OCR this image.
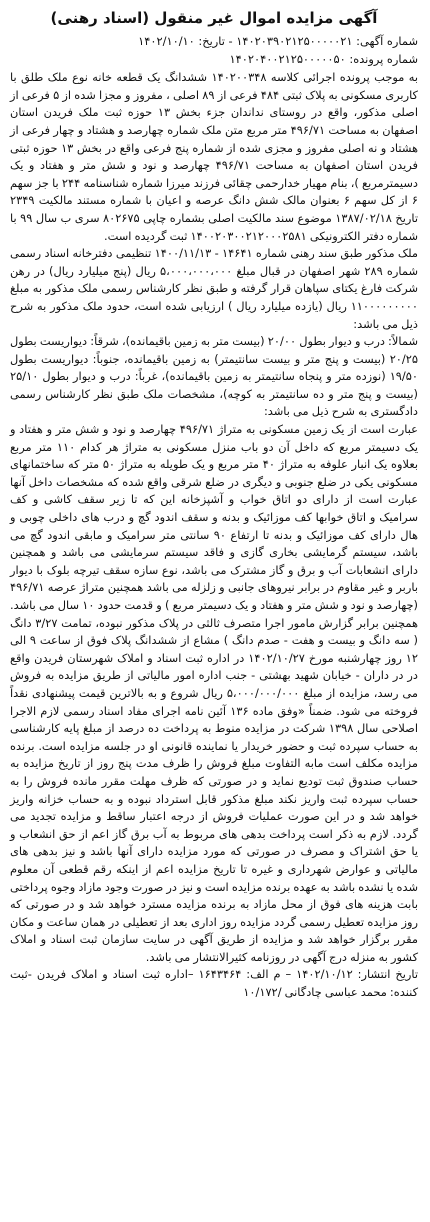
آگهی مزایده اموال غیر منقول (اسناد رهنی)
شماره آگهی: ۱۴۰۲۰۳۹۰۲۱۲۵۰۰۰۰۰۲۱ - تاریخ: ۱۴۰۲/۱۰/۱۰
شماره پرونده: ۱۴۰۲۰۴۰۰۲۱۲۵۰۰۰۰۰۵۰

به موجب پرونده اجرائی کلاسه ۱۴۰۲۰۰۳۴۸ ششدانگ یک قطعه خانه نوع ملک طلق با کاربری مسکونی به پلاک ثبتی ۴۸۴ فرعی از ۸۹ اصلی ، مفروز و مجزا شده از ۵ فرعی از اصلی مذکور، واقع در روستای نداندان جزء بخش ۱۳ حوزه ثبت ملک فریدن استان اصفهان به مساحت ۴۹۶/۷۱ متر مربع متن ملک شماره چهارصد و هشتاد و چهار فرعی از هشتاد و نه اصلی مفروز و مجزی شده از شماره پنج فرعی واقع در بخش ۱۳ حوزه ثبتی فریدن استان اصفهان به مساحت ۴۹۶/۷۱ چهارصد و نود و شش متر و هفتاد و یک دسیمترمربع )، بنام مهیار خدارحمی چقائی فرزند میرزا شماره شناسنامه ۲۴۴ با جز سهم ۶ از کل سهم ۶ بعنوان مالک شش دانگ عرصه و اعیان با شماره مستند مالکیت ۲۳۴۹ تاریخ ۱۳۸۷/۰۲/۱۸ موضوع سند مالکیت اصلی بشماره چاپی ۸۰۲۶۷۵ سری ب سال ۹۹ با شماره دفتر الکترونیکی ۱۴۰۰۲۰۳۰۰۲۱۲۰۰۰۲۵۸۱ ثبت گردیده است.

ملک مذکور طبق سند رهنی شماره ۱۴۶۴۱ - ۱۴۰۰/۱۱/۱۳ تنظیمی دفترخانه اسناد رسمی شماره ۲۸۹ شهر اصفهان در قبال مبلغ ۵،۰۰۰،۰۰۰،۰۰۰ ریال (پنج میلیارد ریال) در رهن شرکت فارغ یکتای سپاهان قرار گرفته و طبق نظر کارشناس رسمی ملک مذکور به مبلغ ۱۱۰۰۰۰۰۰۰۰۰ ریال (یازده میلیارد ریال ) ارزیابی شده است، حدود ملک مذکور به شرح ذیل می باشد:

شمالاً: درب و دیوار بطول ۲۰/۰۰ (بیست متر به زمین باقیمانده)، شرقاً: دیواریست بطول ۲۰/۲۵ (بیست و پنج متر و بیست سانتیمتر) به زمین باقیمانده، جنوباً: دیواریست بطول ۱۹/۵۰ (نوزده متر و پنجاه سانتیمتر به زمین باقیمانده)، غرباً: درب و دیوار بطول ۲۵/۱۰ (بیست و پنج متر و ده سانتیمتر به کوچه)، مشخصات ملک طبق نظر کارشناس رسمی دادگستری به شرح ذیل می باشد:

عبارت است از یک زمین مسکونی به متراژ ۴۹۶/۷۱ چهارصد و نود و شش متر و هفتاد و یک دسیمتر مربع که داخل آن دو باب منزل مسکونی به متراژ هر کدام ۱۱۰ متر مربع بعلاوه یک انبار علوفه به متراژ ۴۰ متر مربع و یک طویله به متراژ ۵۰ متر که ساختمانهای مسکونی یکی در ضلع جنوبی و دیگری در ضلع شرقی واقع شده که مشخصات داخل آنها عبارت است از دارای دو اتاق خواب و آشپزخانه این که تا زیر سقف کاشی و کف سرامیک و اتاق خوابها کف موزائیک و بدنه و سقف اندود گچ و درب های داخلی چوبی و هال دارای کف موزائیک و بدنه تا ارتفاع ۹۰ سانتی متر سرامیک و مابقی اندود گچ می باشد، سیستم گرمایشی بخاری گازی و فاقد سیستم سرمایشی می باشد و همچنین دارای انشعابات آب و برق و گاز مشترک می باشد، نوع سازه سقف تیرچه بلوک با دیوار باربر و غیر مقاوم در برابر نیروهای جانبی و زلزله می باشد همچنین متراژ عرصه ۴۹۶/۷۱ (چهارصد و نود و شش متر و هفتاد و یک دسیمتر مربع ) و قدمت حدود ۱۰ سال می باشد. همچنین برابر گزارش مامور اجرا متصرف ثالثی در پلاک مذکور نبوده، تمامت ۳/۲۷ دانگ ( سه دانگ و بیست و هفت - صدم دانگ ) مشاع از ششدانگ پلاک فوق از ساعت ۹ الی ۱۲ روز چهارشنبه مورخ ۱۴۰۲/۱۰/۲۷ در اداره ثبت اسناد و املاک شهرستان فریدن واقع در در داران - خیابان شهید بهشتی - جنب اداره امور مالیاتی از طریق مزایده به فروش می رسد، مزایده از مبلغ ۵،۰۰۰/۰۰۰/۰۰۰ ریال شروع و به بالاترین قیمت پیشنهادی نقداً فروخته می شود. ضمناً «وفق ماده ۱۳۶ آئین نامه اجرای مفاد اسناد رسمی لازم الاجرا اصلاحی سال ۱۳۹۸ شرکت در مزایده منوط به پرداخت ده درصد از مبلغ پایه کارشناسی به حساب سپرده ثبت و حضور خریدار یا نماینده قانونی او در جلسه مزایده است. برنده مزایده مکلف است مابه التفاوت مبلغ فروش را ظرف مدت پنج روز از تاریخ مزایده به حساب صندوق ثبت تودیع نماید و در صورتی که ظرف مهلت مقرر مانده فروش را به حساب سپرده ثبت واریز نکند مبلغ مذکور قابل استرداد نبوده و به حساب خزانه واریز خواهد شد و در این صورت عملیات فروش از درجه اعتبار ساقط و مزایده تجدید می گردد. لازم به ذکر است پرداخت بدهی های مربوط به آب برق گاز اعم از حق انشعاب و یا حق اشتراک و مصرف در صورتی که مورد مزایده دارای آنها باشد و نیز بدهی های مالیاتی و عوارض شهرداری و غیره تا تاریخ مزایده اعم از اینکه رقم قطعی آن معلوم شده یا نشده باشد به عهده برنده مزایده است و نیز در صورت وجود مازاد وجوه پرداختی بابت هزینه های فوق از محل مازاد به برنده مزایده مسترد خواهد شد و در صورتی که روز مزایده تعطیل رسمی گردد مزایده روز اداری بعد از تعطیلی در همان ساعت و مکان مقرر برگزار خواهد شد و مزایده از طریق آگهی در سایت سازمان ثبت اسناد و املاک کشور به منزله درج آگهی در روزنامه کثیرالانتشار می باشد.

تاریخ انتشار: ۱۴۰۲/۱۰/۱۲ – م الف: ۱۶۴۳۴۶۴ –اداره ثبت اسناد و املاک فریدن -ثبت کننده: محمد عباسی چادگانی /۱۰/۱۷۲
